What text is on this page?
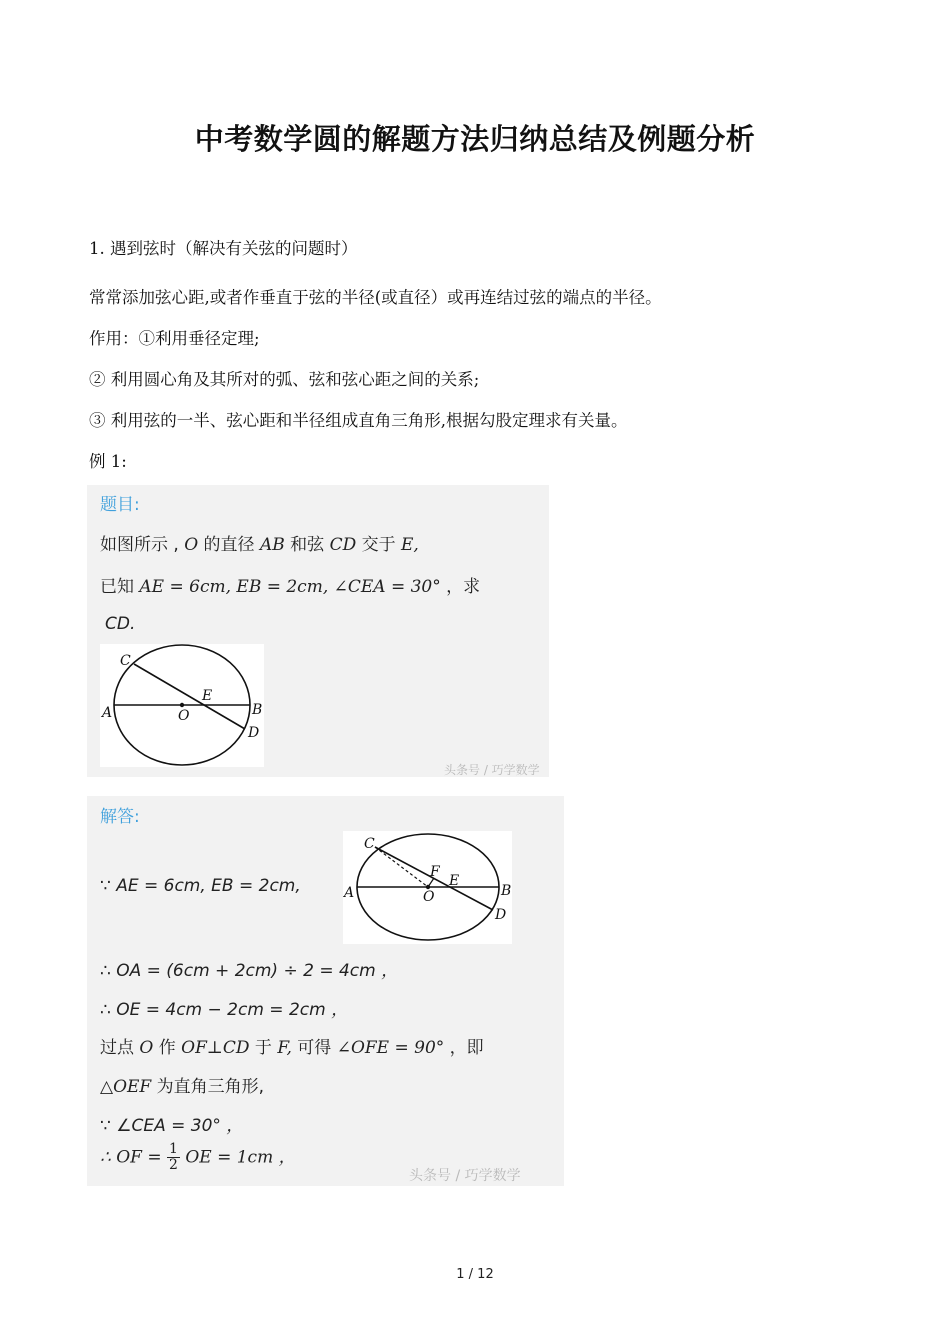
中考数学圆的解题方法归纳总结及例题分析
1. 遇到弦时（解决有关弦的问题时）
常常添加弦心距,或者作垂直于弦的半径(或直径）或再连结过弦的端点的半径。
作用：①利用垂径定理;
② 利用圆心角及其所对的弧、弦和弦心距之间的关系;
③ 利用弦的一半、弦心距和半径组成直角三角形,根据勾股定理求有关量。
例 1:
题目:
如图所示 , O 的直径 AB 和弦 CD 交于 E,
已知 AE = 6cm, EB = 2cm, ∠CEA = 30° ，求
CD.
A	B
C
D
E
O
头条号 / 巧学数学
解答:
∵ AE = 6cm, EB = 2cm,	A	B
C
D
E
F
O
∴ OA = (6cm + 2cm) ÷ 2 = 4cm ，
∴ OE = 4cm − 2cm = 2cm ，
过点 O 作 OF⊥CD 于 F, 可得 ∠OFE = 90° ，即
△OEF 为直角三角形,
∵ ∠CEA = 30° ，
∴ OF = $\frac{1}{2}$ OE = 1cm ，
头条号 / 巧学数学
1 / 12
